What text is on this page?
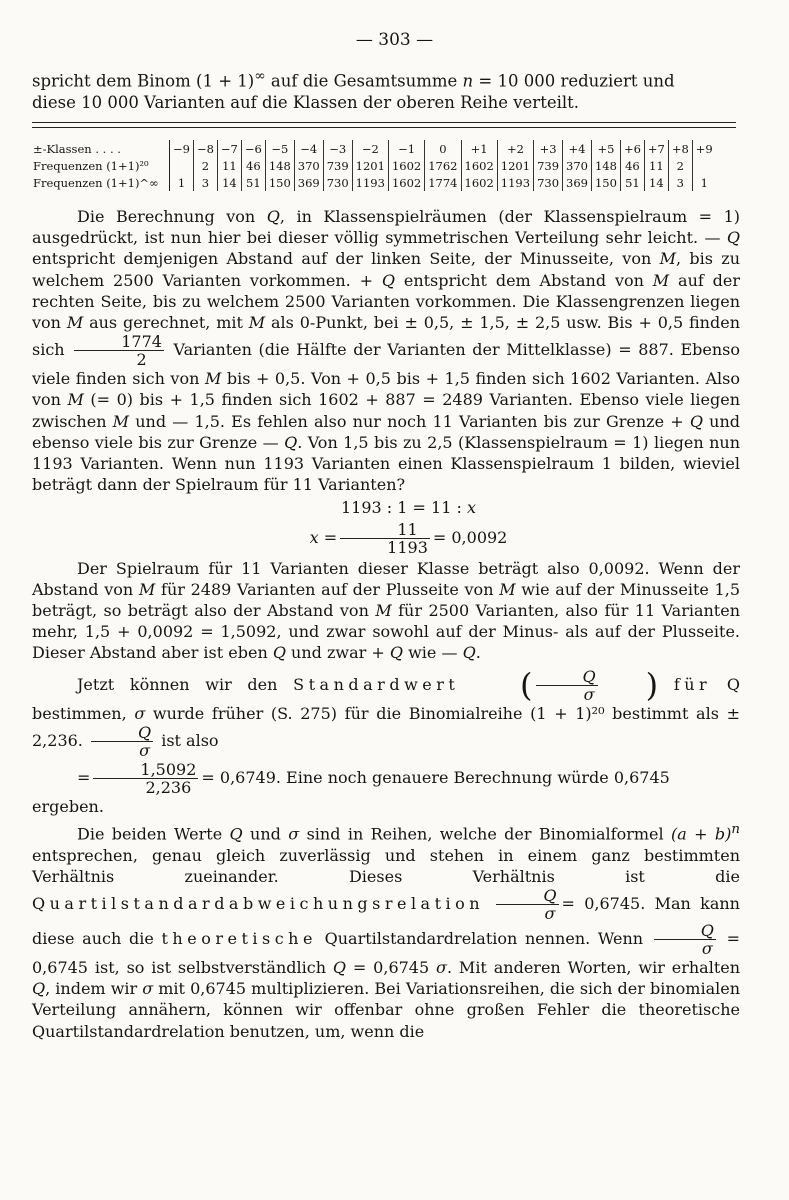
— 303 —
spricht dem Binom (1 + 1)∞ auf die Gesamtsumme n = 10 000 reduziert und
diese 10 000 Varianten auf die Klassen der oberen Reihe verteilt.
±-Klassen . . . .	−9	−8	−7	−6	−5	−4	−3	−2	−1	0	+1	+2	+3	+4	+5	+6	+7	+8	+9
Frequenzen (1+1)²⁰		2	11	46	148	370	739	1201	1602	1762	1602	1201	739	370	148	46	11	2	
Frequenzen (1+1)^∞	1	3	14	51	150	369	730	1193	1602	1774	1602	1193	730	369	150	51	14	3	1

Die Berechnung von Q, in Klassenspielräumen (der Klassenspielraum = 1) ausgedrückt, ist nun hier bei dieser völlig symmetrischen Verteilung sehr leicht. — Q entspricht demjenigen Abstand auf der linken Seite, der Minusseite, von M, bis zu welchem 2500 Varianten vorkommen. + Q entspricht dem Abstand von M auf der rechten Seite, bis zu welchem 2500 Varianten vorkommen. Die Klassengrenzen liegen von M aus gerechnet, mit M als 0-Punkt, bei ± 0,5, ± 1,5, ± 2,5 usw. Bis + 0,5 finden sich $\frac{1774}{2}$ Varianten (die Hälfte der Varianten der Mittelklasse) = 887. Ebenso viele finden sich von M bis + 0,5. Von + 0,5 bis + 1,5 finden sich 1602 Varianten. Also von M (= 0) bis + 1,5 finden sich 1602 + 887 = 2489 Varianten. Ebenso viele liegen zwischen M und — 1,5. Es fehlen also nur noch 11 Varianten bis zur Grenze + Q und ebenso viele bis zur Grenze — Q. Von 1,5 bis zu 2,5 (Klassenspielraum = 1) liegen nun 1193 Varianten. Wenn nun 1193 Varianten einen Klassenspielraum 1 bilden, wieviel beträgt dann der Spielraum für 11 Varianten?
1193 : 1 = 11 : x
$x = \frac{11}{1193} = 0,0092$

Der Spielraum für 11 Varianten dieser Klasse beträgt also 0,0092. Wenn der Abstand von M für 2489 Varianten auf der Plusseite von M wie auf der Minusseite 1,5 beträgt, so beträgt also der Abstand von M für 2500 Varianten, also für 11 Varianten mehr, 1,5 + 0,0092 = 1,5092, und zwar sowohl auf der Minus- als auf der Plusseite. Dieser Abstand aber ist eben Q und zwar + Q wie — Q.

Jetzt können wir den Standardwert ( $\frac{Q}{\sigma}$ ) für Q bestimmen, σ wurde früher (S. 275) für die Binomialreihe (1 + 1)²⁰ bestimmt als ± 2,236. $\frac{Q}{\sigma}$ ist also
= $\frac{1,5092}{2,236} = 0,6749$. Eine noch genauere Berechnung würde 0,6745 ergeben.

Die beiden Werte Q und σ sind in Reihen, welche der Binomialformel $(a + b)^n$ entsprechen, genau gleich zuverlässig und stehen in einem ganz bestimmten Verhältnis zueinander. Dieses Verhältnis ist die Quartilstandardabweichungsrelation $\frac{Q}{\sigma} = 0,6745$. Man kann diese auch die theoretische Quartilstandardrelation nennen. Wenn $\frac{Q}{\sigma} = 0,6745$ ist, so ist selbstverständlich Q = 0,6745 σ. Mit anderen Worten, wir erhalten Q, indem wir σ mit 0,6745 multiplizieren. Bei Variationsreihen, die sich der binomialen Verteilung annähern, können wir offenbar ohne großen Fehler die theoretische Quartilstandardrelation benutzen, um, wenn die
